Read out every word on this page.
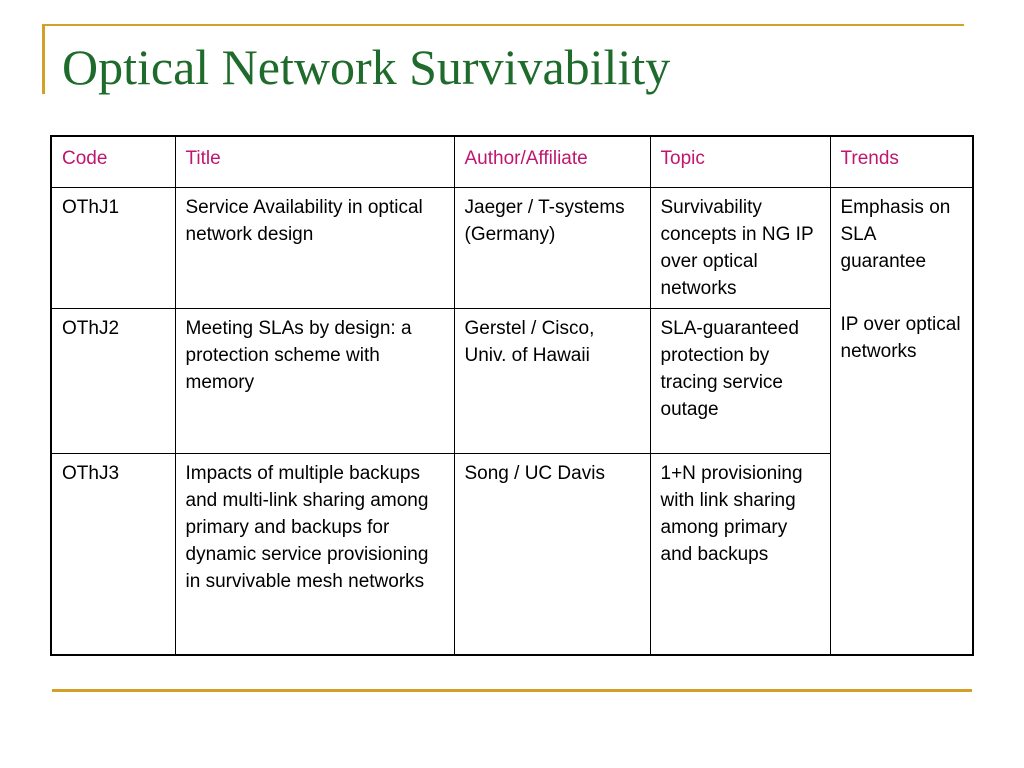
Optical Network Survivability
Code	Title	Author/Affiliate	Topic	Trends
OThJ1	Service Availability in optical network design	Jaeger / T-systems (Germany)	Survivability concepts in NG IP over optical networks	Emphasis on SLA guarantee
IP over optical networks

OThJ2	Meeting SLAs by design: a protection scheme with memory	Gerstel / Cisco, Univ. of Hawaii	SLA-guaranteed protection by tracing service outage	
OThJ3	Impacts of multiple backups and multi-link sharing among primary and backups for dynamic service provisioning in survivable mesh networks	Song / UC Davis	1+N provisioning with link sharing among primary and backups	
